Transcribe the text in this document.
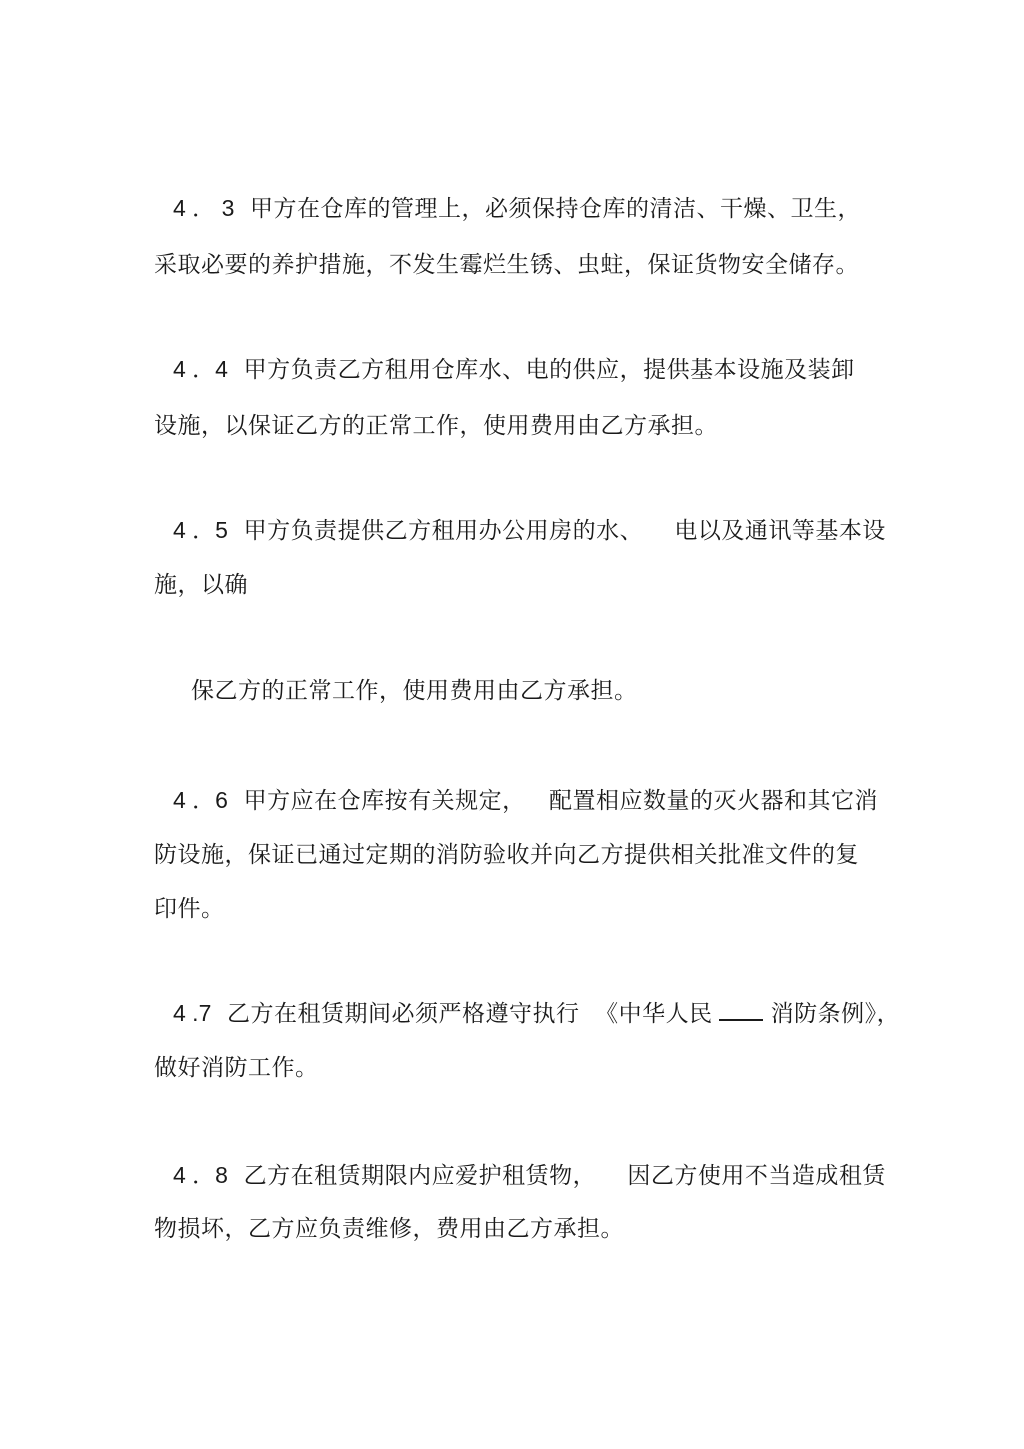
4 ． 3 甲方在仓库的管理上，必须保持仓库的清洁、干燥、卫生，
采取必要的养护措施，不发生霉烂生锈、虫蛀，保证货物安全储存。
4 ．4 甲方负责乙方租用仓库水、电的供应，提供基本设施及装卸
设施，以保证乙方的正常工作，使用费用由乙方承担。
4 ．5 甲方负责提供乙方租用办公用房的水、    电以及通讯等基本设
施，以确
保乙方的正常工作，使用费用由乙方承担。
4 ．6 甲方应在仓库按有关规定，   配置相应数量的灭火器和其它消
防设施，保证已通过定期的消防验收并向乙方提供相关批准文件的复
印件。
4 .7 乙方在租赁期间必须严格遵守执行  《中华人民	消防条例》，
做好消防工作。
4 ．8 乙方在租赁期限内应爱护租赁物，    因乙方使用不当造成租赁
物损坏，乙方应负责维修，费用由乙方承担。
